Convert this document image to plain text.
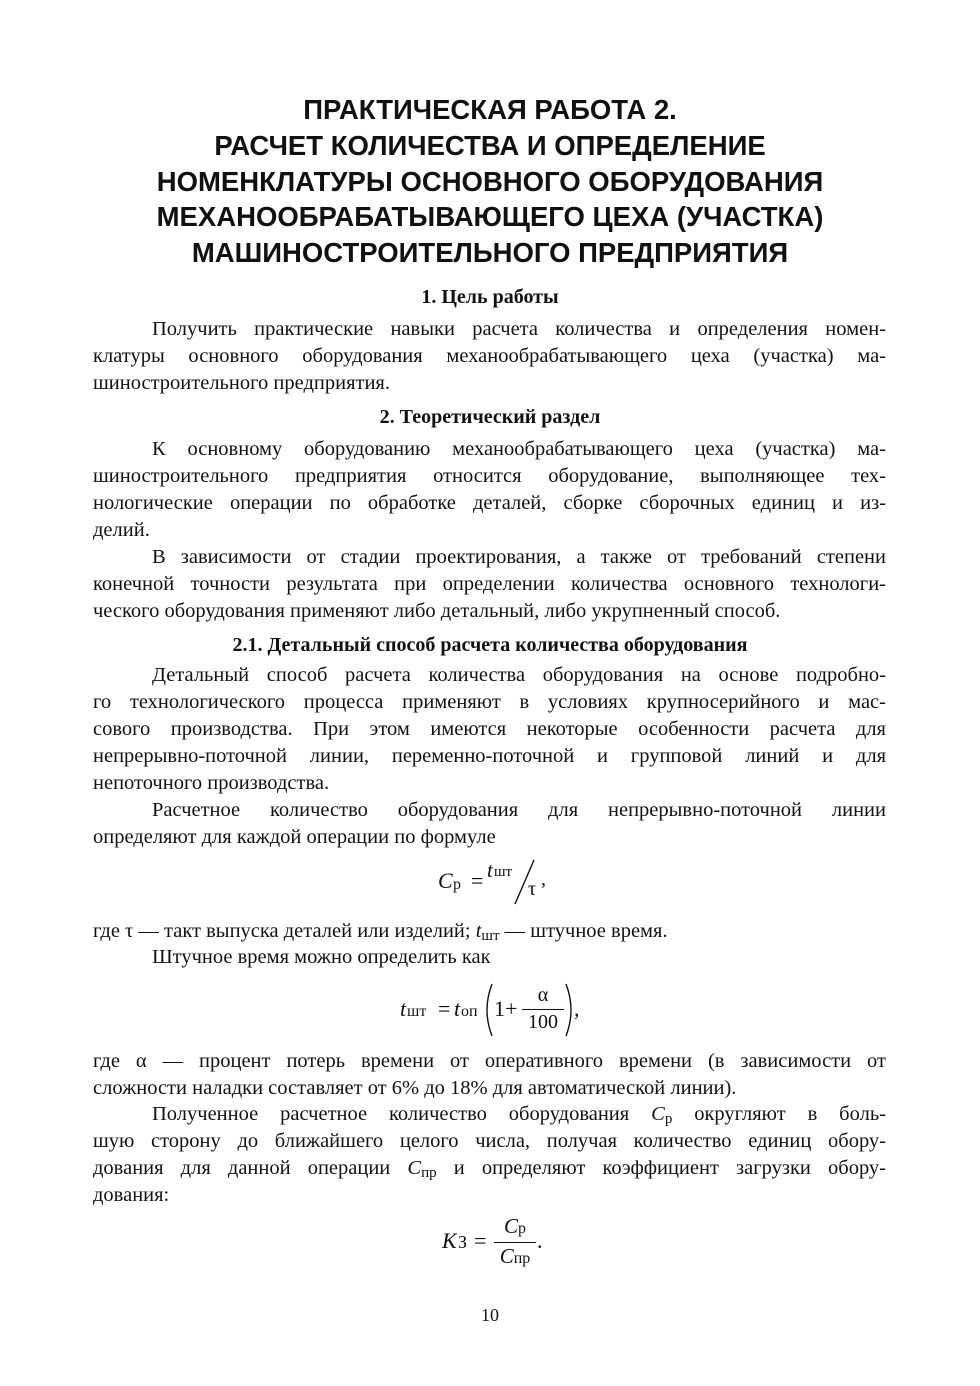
ПРАКТИЧЕСКАЯ РАБОТА 2.
РАСЧЕТ КОЛИЧЕСТВА И ОПРЕДЕЛЕНИЕ
НОМЕНКЛАТУРЫ ОСНОВНОГО ОБОРУДОВАНИЯ
МЕХАНООБРАБАТЫВАЮЩЕГО ЦЕХА (УЧАСТКА)
МАШИНОСТРОИТЕЛЬНОГО ПРЕДПРИЯТИЯ
1. Цель работы
Получить практические навыки расчета количества и определения номен-
клатуры основного оборудования механообрабатывающего цеха (участка) ма-
шиностроительного предприятия.
2. Теоретический раздел
К основному оборудованию механообрабатывающего цеха (участка) ма-
шиностроительного предприятия относится оборудование, выполняющее тех-
нологические операции по обработке деталей, сборке сборочных единиц и из-
делий.
В зависимости от стадии проектирования, а также от требований степени
конечной точности результата при определении количества основного технологи-
ческого оборудования применяют либо детальный, либо укрупненный способ.
2.1. Детальный способ расчета количества оборудования
Детальный способ расчета количества оборудования на основе подробно-
го технологического процесса применяют в условиях крупносерийного и мас-
сового производства. При этом имеются некоторые особенности расчета для
непрерывно-поточной линии, переменно-поточной и групповой линий и для
непоточного производства.
Расчетное количество оборудования для непрерывно-поточной линии
определяют для каждой операции по формуле
C р = t шт
τ ,
где τ — такт выпуска деталей или изделий; $t_{шт}$ — штучное время.
Штучное время можно определить как
t шт = t оп 1+
α
100
,
где α — процент потерь времени от оперативного времени (в зависимости от
сложности наладки составляет от 6% до 18% для автоматической линии).
Полученное расчетное количество оборудования $C_р$ округляют в боль-
шую сторону до ближайшего целого числа, получая количество единиц обору-
дования для данной операции $C_{пр}$ и определяют коэффициент загрузки обору-
дования:
K З =
Cр
Cпр
.
10
